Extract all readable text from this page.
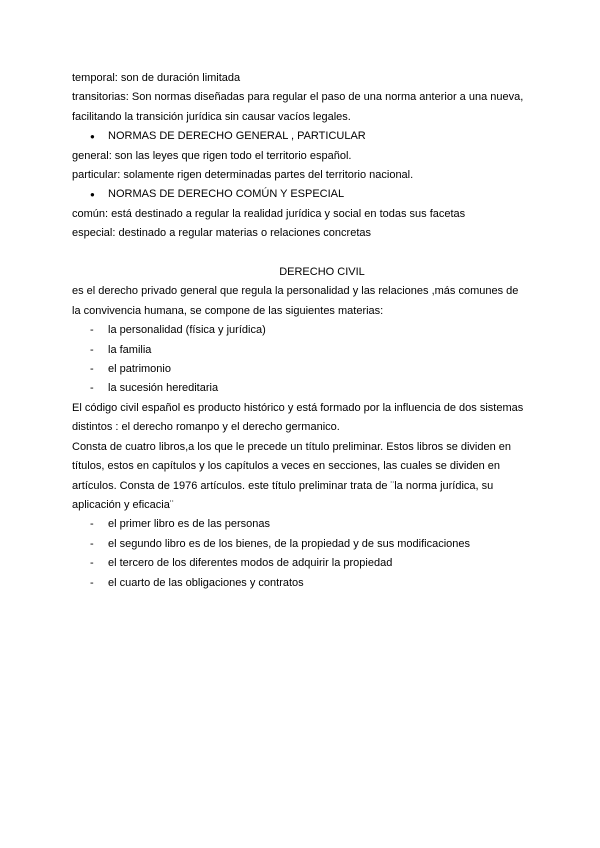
temporal: son de duración limitada
transitorias: Son normas diseñadas para regular el paso de una norma anterior a una nueva,
facilitando la transición jurídica sin causar vacíos legales.
● NORMAS DE DERECHO GENERAL , PARTICULAR
general: son las leyes que rigen todo el territorio español.
particular: solamente rigen determinadas partes del territorio nacional.
● NORMAS DE DERECHO COMÚN Y ESPECIAL
común: está destinado a regular la realidad jurídica y social en todas sus facetas
especial: destinado a regular materias o relaciones concretas
DERECHO CIVIL
es el derecho privado general que regula la personalidad y las relaciones ,más comunes de
la convivencia humana, se compone de las siguientes materias:
- la personalidad (física y jurídica)
- la familia
- el patrimonio
- la sucesión hereditaria
El código civil español es producto histórico y está formado por la influencia de dos sistemas
distintos : el derecho romanpo y el derecho germanico.
Consta de cuatro libros,a los que le precede un título preliminar. Estos libros se dividen en
títulos, estos en capítulos y los capítulos a veces en secciones, las cuales se dividen en
artículos. Consta de 1976 artículos. este título preliminar trata de ¨la norma jurídica, su
aplicación y eficacia¨
- el primer libro es de las personas
- el segundo libro es de los bienes, de la propiedad y de sus modificaciones
- el tercero de los diferentes modos de adquirir la propiedad
- el cuarto de las obligaciones y contratos
